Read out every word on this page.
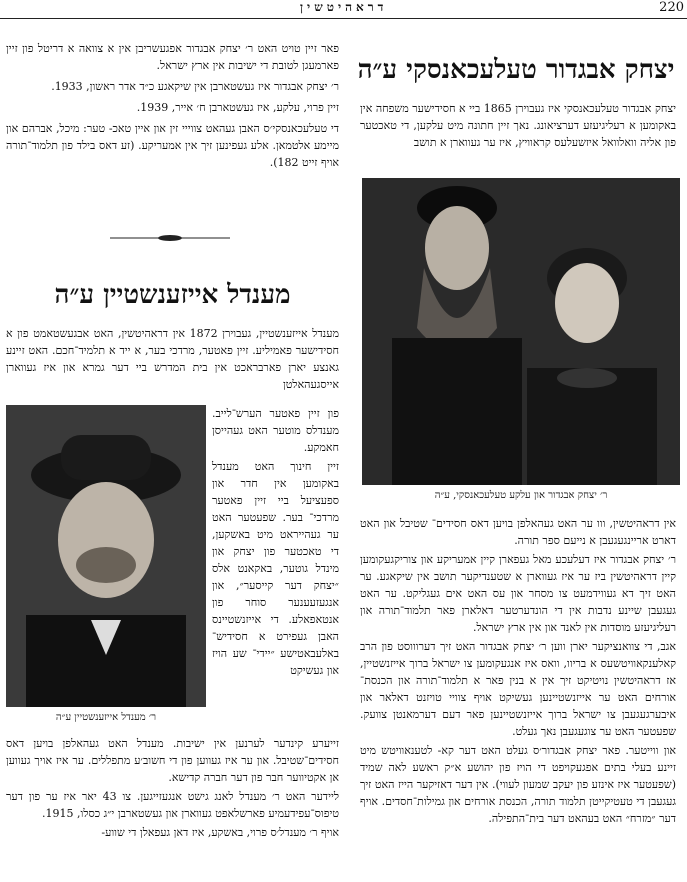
220
דראהיטשין
יצחק אבגדור טעלעכאנסקי ע״ה

יצחק אבגדור טעלעכאנסקי איז געבוירן 1865 ביי א חסידישער משפחה אין באקומען א רעליגיעזע דערציאונג. נאך זיין חתונה מיט עלקען, די טאכטער פון אליה וואלוואל איזשעלעס קראוויץ, איז ער געווארן א תושב

ר׳ יצחק אבגדור און עלקע טעלעכאנסקי, ע״ה

אין דראהיטשין, ווו ער האט געהאלפן בויען דאס חסידים־ שטיבל און האט דארט אריינגעגעבן א נייעם ספר תורה.

ר׳ יצחק אבגדור איז דעלעכע מאל געפארן קיין אמעריקע און צוריקגעקומען קיין דראהיטשין ביז ער איז געווארן א שטענדיקער תושב אין שיקאגע. ער האט זיך דא געווידמעט צו מסחר און עס האט אים געגליקט. ער האט געגעבן שיינע נדבות אין די הונדערטער דאלארן פאר תלמוד־תורה און רעליגיעזע מוסדות אין לאנד און אין ארץ ישראל.

אגב, די צוואנציקער יארן ווען ר׳ יצחק אבגדור האט זיך דערוווסט פון הרב קאלענקאוויטשעס א בריוו, וואס איז אנגעקומען צו ישראל ברוך אייזנשטיין, אז דראהיטשין נויטיקט זיך אין א בנין פאר א תלמוד־תורה און הכנסת־ אורחים האט ער אייזנשטיינען געשיקט אויף צוויי טויזנט דאלאר און איבערגעגעבן צו ישראל ברוך אייזנשטיינען פאר דעם דערמאנטן צוועק. שפעטער האט ער צוגעגעבן נאך געלט.

און ווייטער. פאר יצחק אבגדור׳ס געלט האט דער קא- לטענאוויטש מיט זיינע בעלי בתים אפגעקויפט די הויז פון יהושע א״ק ראשע לאה שמיד (שפעטער איז אינזע פון יעקב שמעון לעווי). אין דער דאזיקער הייז האט זיך געגעבן די טעטיקייטן תלמוד תורה, הכנסת אורחים און גמילות־חסדים. אויף דער ״מזרח״ האט בעהאט דער בית־התפילה.

פאר זיין טויט האט ר׳ יצחק אבגדור אפגעשריבן אין א צוואה א דריטל פון זיין פארמעגן לטובת די ישיבות אין ארץ ישראל.

ר׳ יצחק אבגדור איז געשטארבן אין שיקאגע כ״ד אדר ראשון, 1933.

זיין פרוי, עלקע, איז געשטארבן ח׳ אייר, 1939.

די טעלעכאנסקי׳ס האבן געהאט צווייי זין און איין טאכ- טער: מיכל, אברהם און מיימע אלטמאן. אלע געפינען זיך אין אמעריקע. (זע דאס בילד פון תלמוד־תורה אויף זייט 182).

מענדל אייזענשטיין ע״ה

מענדל אייזענשטיין, געבוירן 1872 אין דראהיטשין, האט אבגעשטאמט פון א חסידישער פאמיליע. זיין פאטער, מרדכי בער, א ייד א תלמיד־חכם. האט זיינע גאנצע יארן פארבראכט אין בית המדרש ביי דער גמרא און איז געווארן אייסגעהאלטן

ר׳ מענדל אייזענשטיין ע״ה

פון זיין פאטער הערש־לייב. מענדלס מוטער האט געהייסן חאמקע.

זיין חינוך האט מענדל באקומען אין חדר און ספעציעל ביי זיין פאטער מרדכי־ בער. שפעטער האט ער געהייראט מיט באשקען, די טאכטער פון יצחק און מינדל גוטער, באקאנט אלס ״יצחק דער קייסער״, און אנגעזעענער סוחר פון אנטאפאלע. די אייזנשטיינס האבן געפירט א חסידיש־ באלעבאטישע ״יידי־ שע הויז און געשיקט

זייערע קינדער לערנען אין ישיבות. מענדל האט געהאלפן בויען דאס חסידים־שטיבל. און ער איז געווען פון די חשוב׳ע מתפללים. ער איז אויך געווען אן אקטיווער חבר פון דער חברה קדישא.

ליידער האט ר׳ מענדל לאנג גישט אנגעזייגען. צו 43 יאר איז ער פון דער טיפוס־עפידעמיע פארשלאפט געווארן און געשטארבן י״ג כסלו, 1915.

אויף ר׳ מענדל׳ס פרוי, באשקע, איז דאן געפאלן די שווע-
